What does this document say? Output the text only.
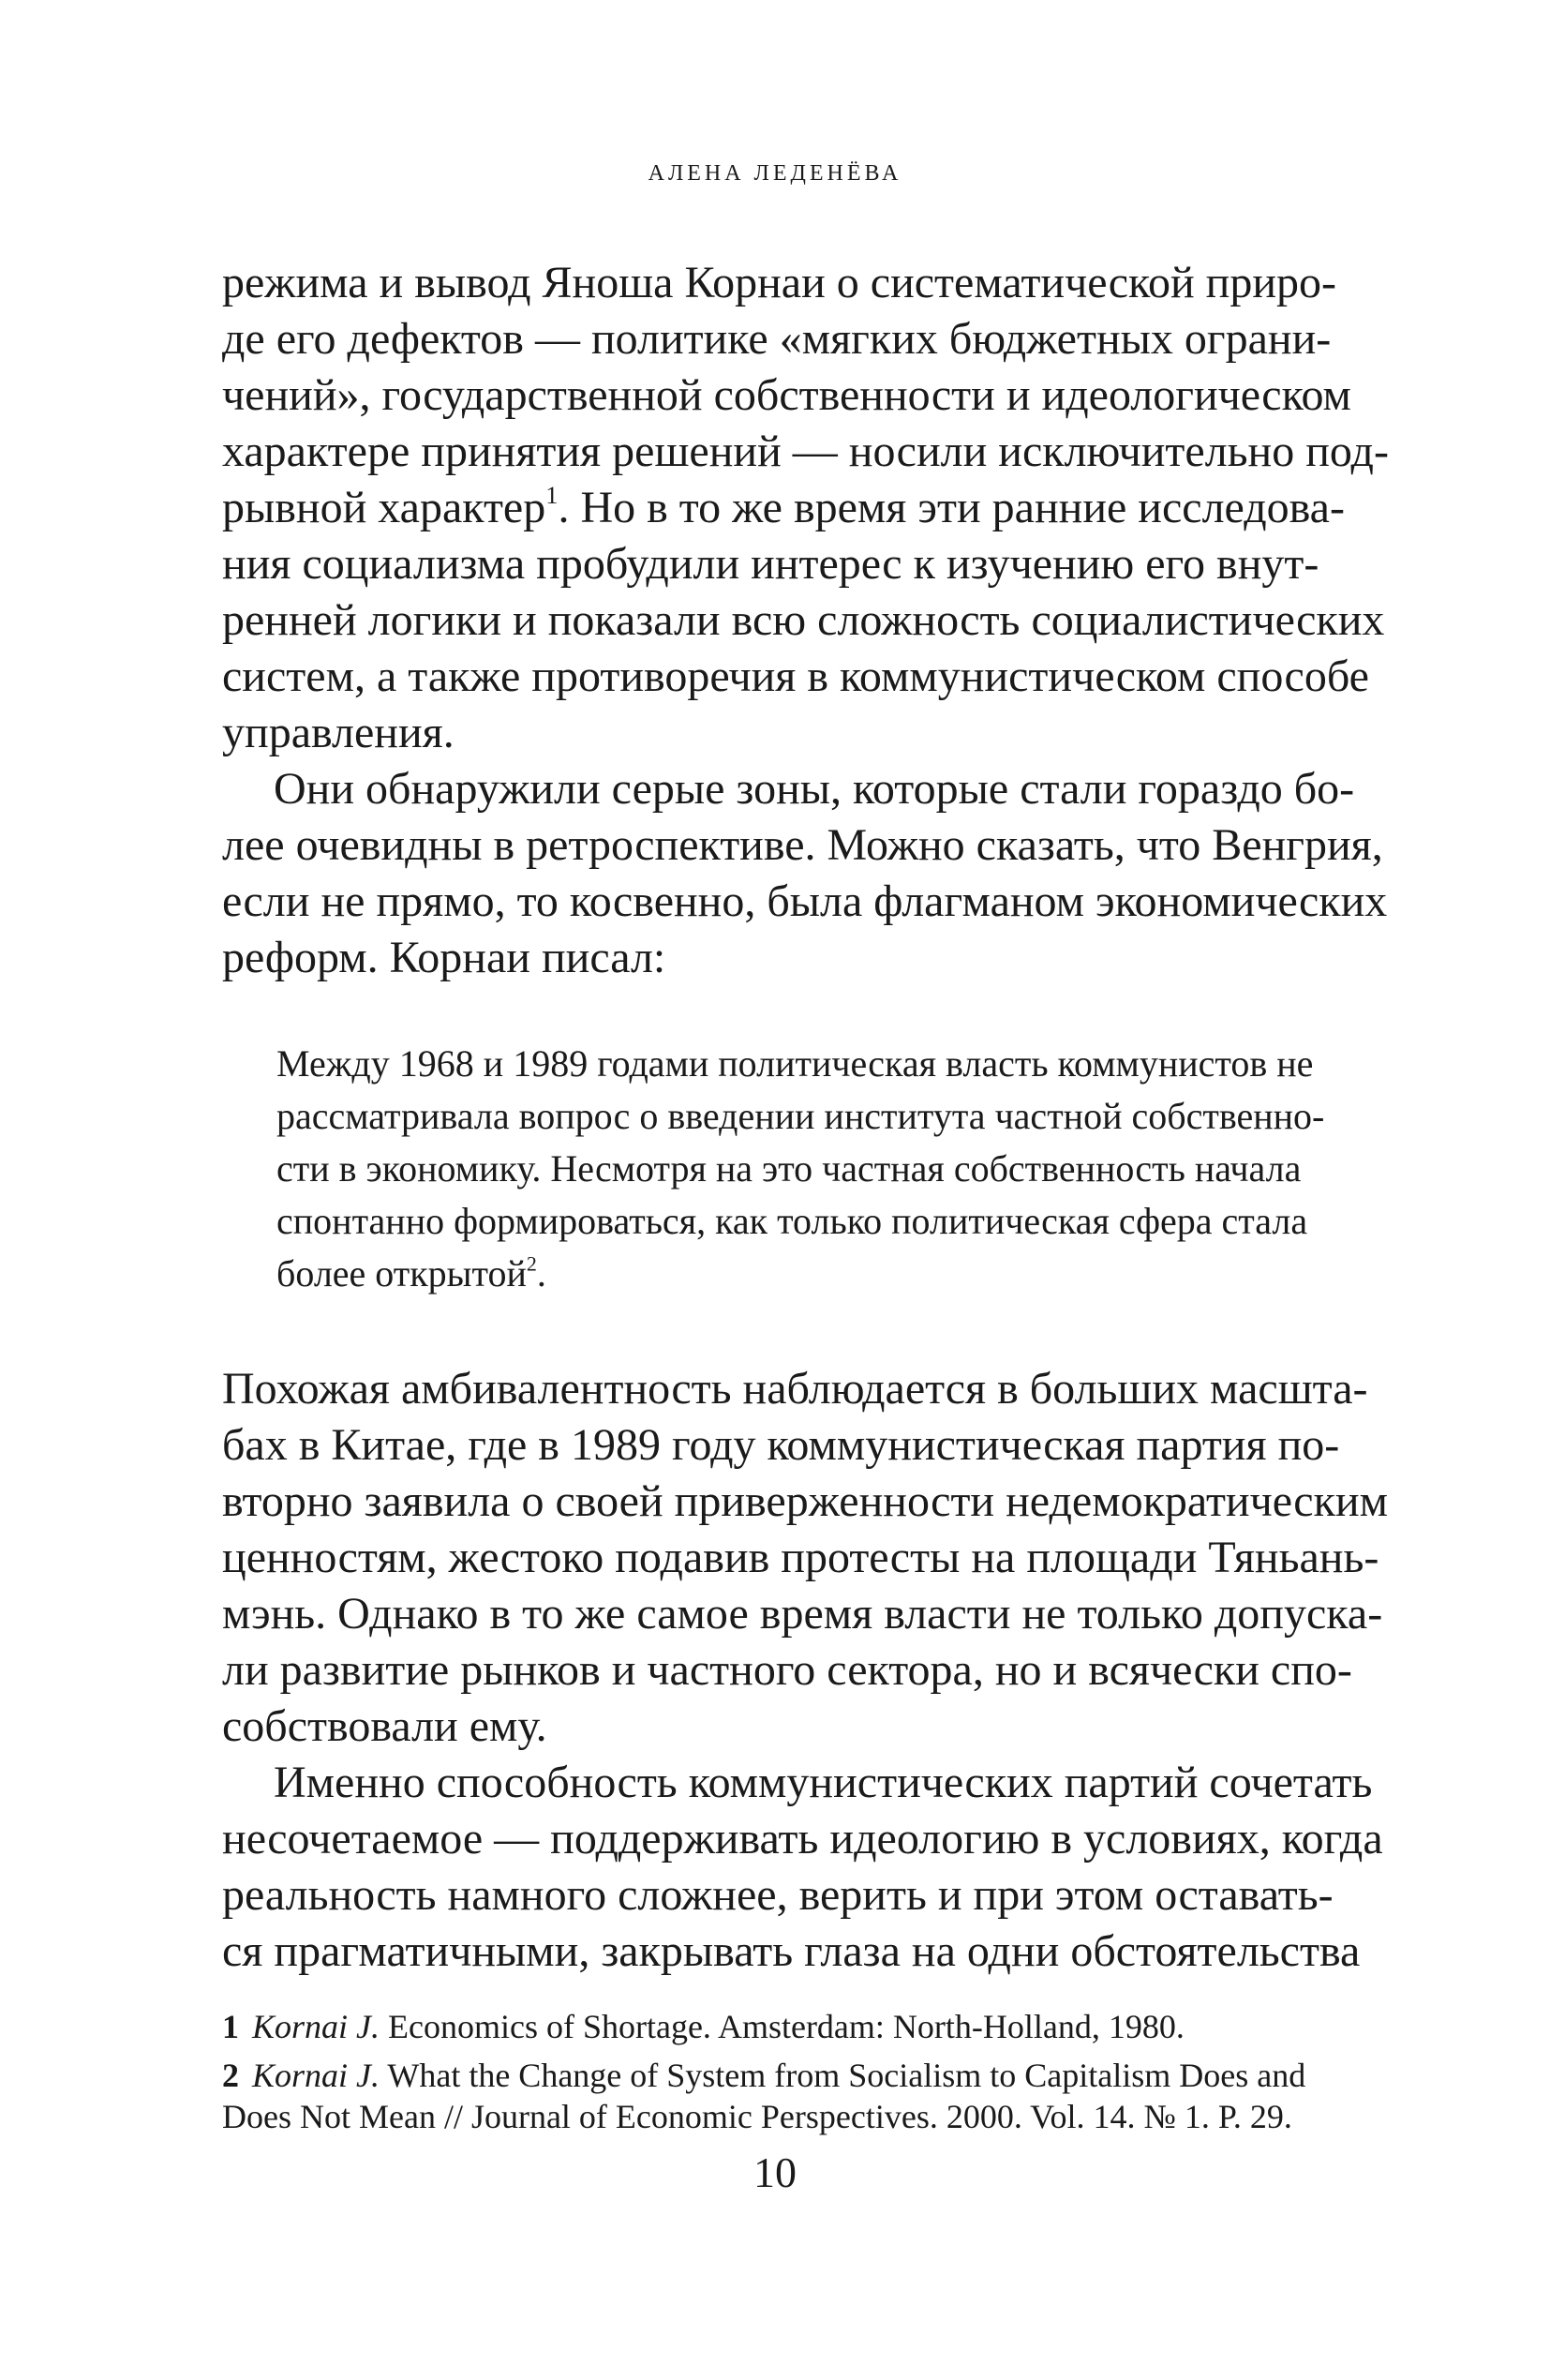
АЛЕНА ЛЕДЕНЁВА
режима и вывод Яноша Корнаи о систематической приро-
де его дефектов — политике «мягких бюджетных ограни-
чений», государственной собственности и идеологическом
характере принятия решений — носили исключительно под-
рывной характер$^1$. Но в то же время эти ранние исследова-
ния социализма пробудили интерес к изучению его внут-
ренней логики и показали всю сложность социалистических
систем, а также противоречия в коммунистическом способе
управления.
Они обнаружили серые зоны, которые стали гораздо бо-
лее очевидны в ретроспективе. Можно сказать, что Венгрия,
если не прямо, то косвенно, была флагманом экономических
реформ. Корнаи писал:
Между 1968 и 1989 годами политическая власть коммунистов не
рассматривала вопрос о введении института частной собственно-
сти в экономику. Несмотря на это частная собственность начала
спонтанно формироваться, как только политическая сфера стала
более открытой$^2$.
Похожая амбивалентность наблюдается в больших масшта-
бах в Китае, где в 1989 году коммунистическая партия по-
вторно заявила о своей приверженности недемократическим
ценностям, жестоко подавив протесты на площади Тяньань-
мэнь. Однако в то же самое время власти не только допуска-
ли развитие рынков и частного сектора, но и всячески спо-
собствовали ему.
Именно способность коммунистических партий сочетать
несочетаемое — поддерживать идеологию в условиях, когда
реальность намного сложнее, верить и при этом оставать-
ся прагматичными, закрывать глаза на одни обстоятельства
1 Kornai J. Economics of Shortage. Amsterdam: North-Holland, 1980.
2 Kornai J. What the Change of System from Socialism to Capitalism Does and
Does Not Mean // Journal of Economic Perspectives. 2000. Vol. 14. № 1. P. 29.
10
